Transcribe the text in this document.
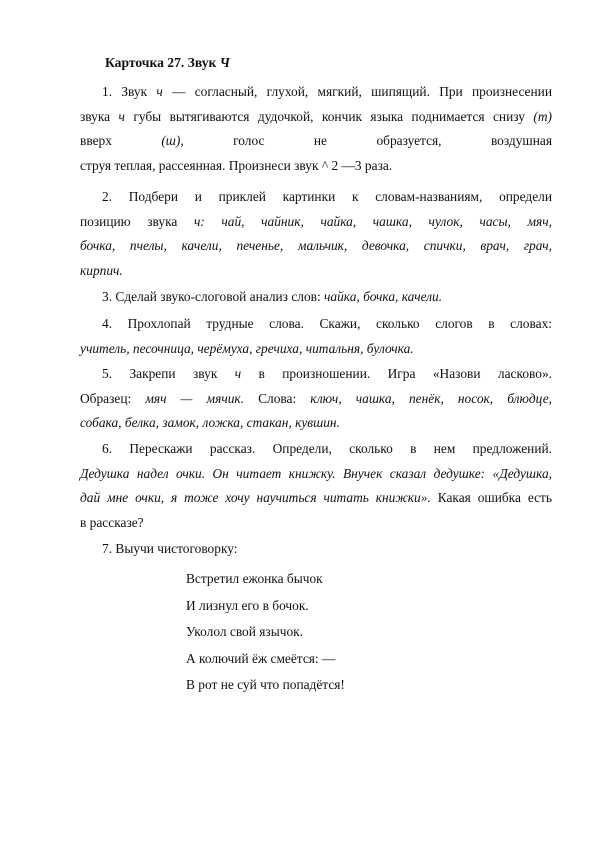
Карточка 27. Звук Ч
1. Звук ч — согласный, глухой, мягкий, шипящий. При произнесении
звука ч губы вытягиваются дудочкой, кончик языка поднимается снизу (т)
вверх	(ш),	голос	не	образуется,	воздушная
струя теплая, рассеянная. Произнеси звук ^ 2 —3 раза.
2. Подбери и приклей картинки к словам-названиям, определи
позицию звука ч: чай, чайник, чайка, чашка, чулок, часы, мяч,
бочка, пчелы, качели, печенье, мальчик, девочка, спички, врач, грач,
кирпич.
3. Сделай звуко-слоговой анализ слов: чайка, бочка, качели.
4. Прохлопай трудные слова. Скажи, сколько слогов в словах:
учитель, песочница, черёмуха, гречиха, читальня, булочка.
5. Закрепи звук ч в произношении. Игра «Назови ласково».
Образец: мяч — мячик. Слова: ключ, чашка, пенёк, носок, блюдце,
собака, белка, замок, ложка, стакан, кувшин.
6. Перескажи рассказ. Определи, сколько в нем предложений.
Дедушка надел очки. Он читает книжку. Внучек сказал дедушке: «Дедушка,
дай мне очки, я тоже хочу научиться читать книжки». Какая ошибка есть
в рассказе?
7. Выучи чистоговорку:
Встретил ежонка бычок
И лизнул его в бочок.
Уколол свой язычок.
А колючий ёж смеётся: —
В рот не суй что попадётся!
